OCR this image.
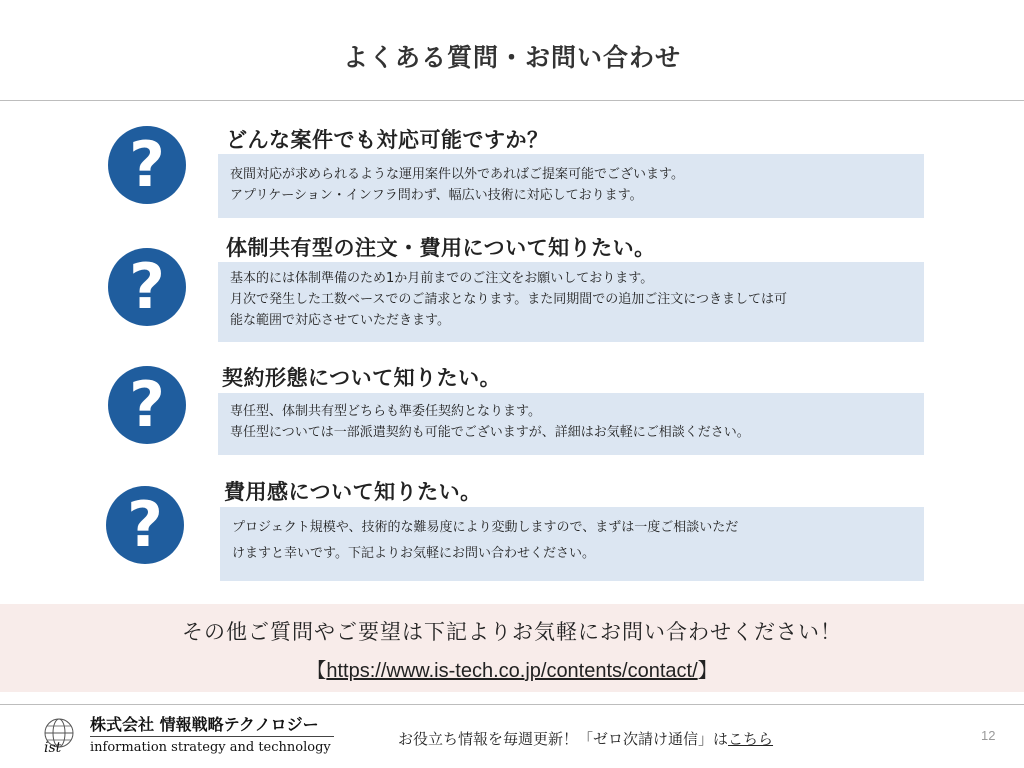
よくある質問・お問い合わせ
?	どんな案件でも対応可能ですか？

夜間対応が求められるような運用案件以外であればご提案可能でございます。

アプリケーション・インフラ問わず、幅広い技術に対応しております。

?
体制共有型の注文・費用について知りたい。

基本的には体制準備のため1か月前までのご注文をお願いしております。

月次で発生した工数ベースでのご請求となります。また同期間での追加ご注文につきましては可

能な範囲で対応させていただきます。

?	契約形態について知りたい。

専任型、体制共有型どちらも準委任契約となります。

専任型については一部派遣契約も可能でございますが、詳細はお気軽にご相談ください。

?	費用感について知りたい。

プロジェクト規模や、技術的な難易度により変動しますので、まずは一度ご相談いただ

けますと幸いです。下記よりお気軽にお問い合わせください。

その他ご質問やご要望は下記よりお気軽にお問い合わせください！
【https://www.is-tech.co.jp/contents/contact/】
ist
株式会社 情報戦略テクノロジー
information strategy and technology	お役立ち情報を毎週更新！「ゼロ次請け通信」はこちら	12
